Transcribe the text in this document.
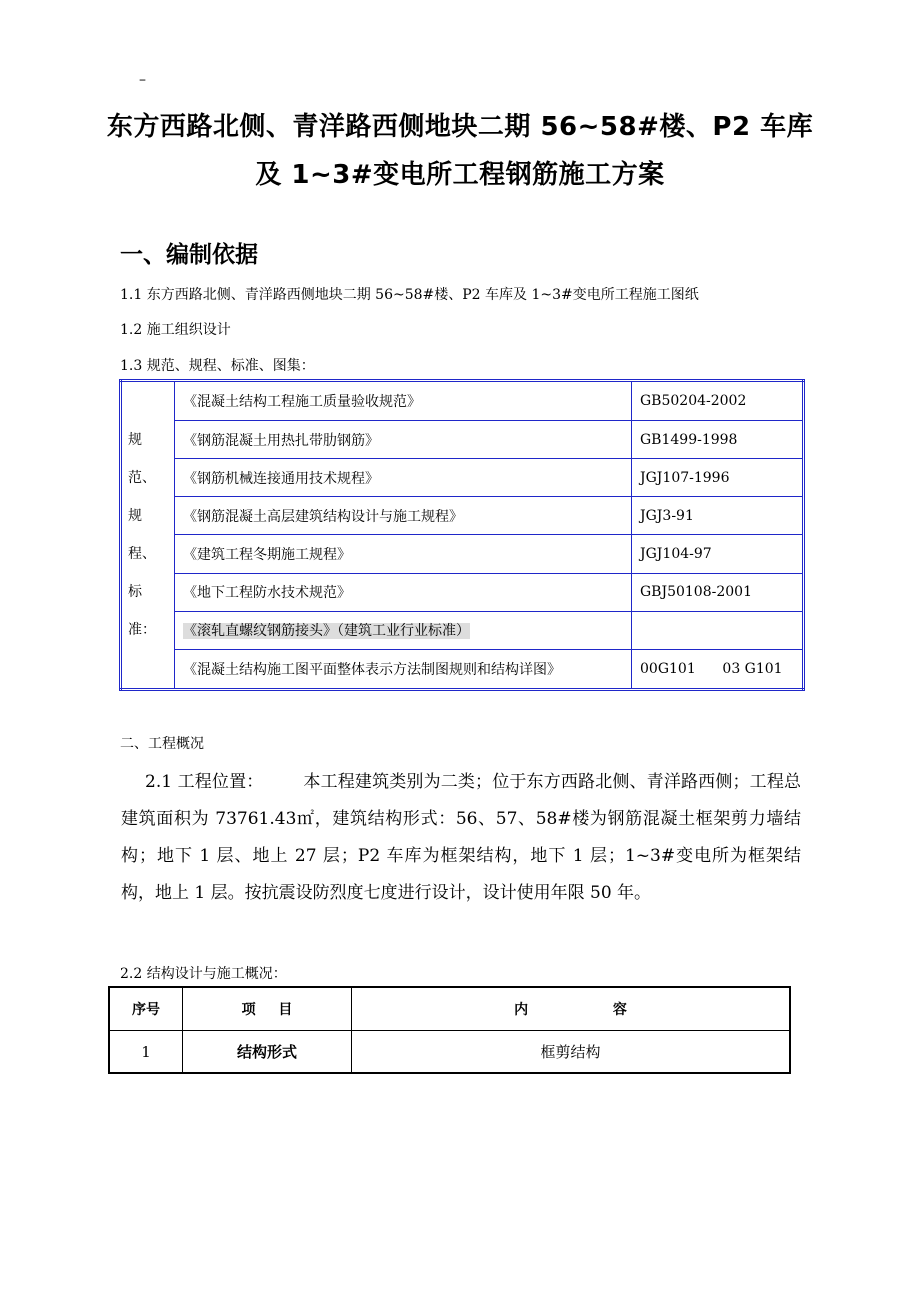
–
东方西路北侧、青洋路西侧地块二期 56~58#楼、P2 车库
及 1~3#变电所工程钢筋施工方案
一、编制依据
1.1 东方西路北侧、青洋路西侧地块二期 56~58#楼、P2 车库及 1~3#变电所工程施工图纸
1.2 施工组织设计
1.3 规范、规程、标准、图集：
规范、规程、标准：	《混凝土结构工程施工质量验收规范》	GB50204-2002
	《钢筋混凝土用热扎带肋钢筋》	GB1499-1998
	《钢筋机械连接通用技术规程》	JGJ107-1996
	《钢筋混凝土高层建筑结构设计与施工规程》	JGJ3-91
	《建筑工程冬期施工规程》	JGJ104-97
	《地下工程防水技术规范》	GBJ50108-2001
	《滚轧直螺纹钢筋接头》（建筑工业行业标准）	
	《混凝土结构施工图平面整体表示方法制图规则和结构详图》	00G101      03 G101
二、工程概况
2.1 工程位置： 本工程建筑类别为二类；位于东方西路北侧、青洋路西侧；工程总建筑面积为 73761.43㎡，建筑结构形式：56、57、58#楼为钢筋混凝土框架剪力墙结构；地下 1 层、地上 27 层；P2 车库为框架结构，地下 1 层；1~3#变电所为框架结构，地上 1 层。按抗震设防烈度七度进行设计，设计使用年限 50 年。
2.2 结构设计与施工概况：
序号	项 目	内 容
1	结构形式	框剪结构
